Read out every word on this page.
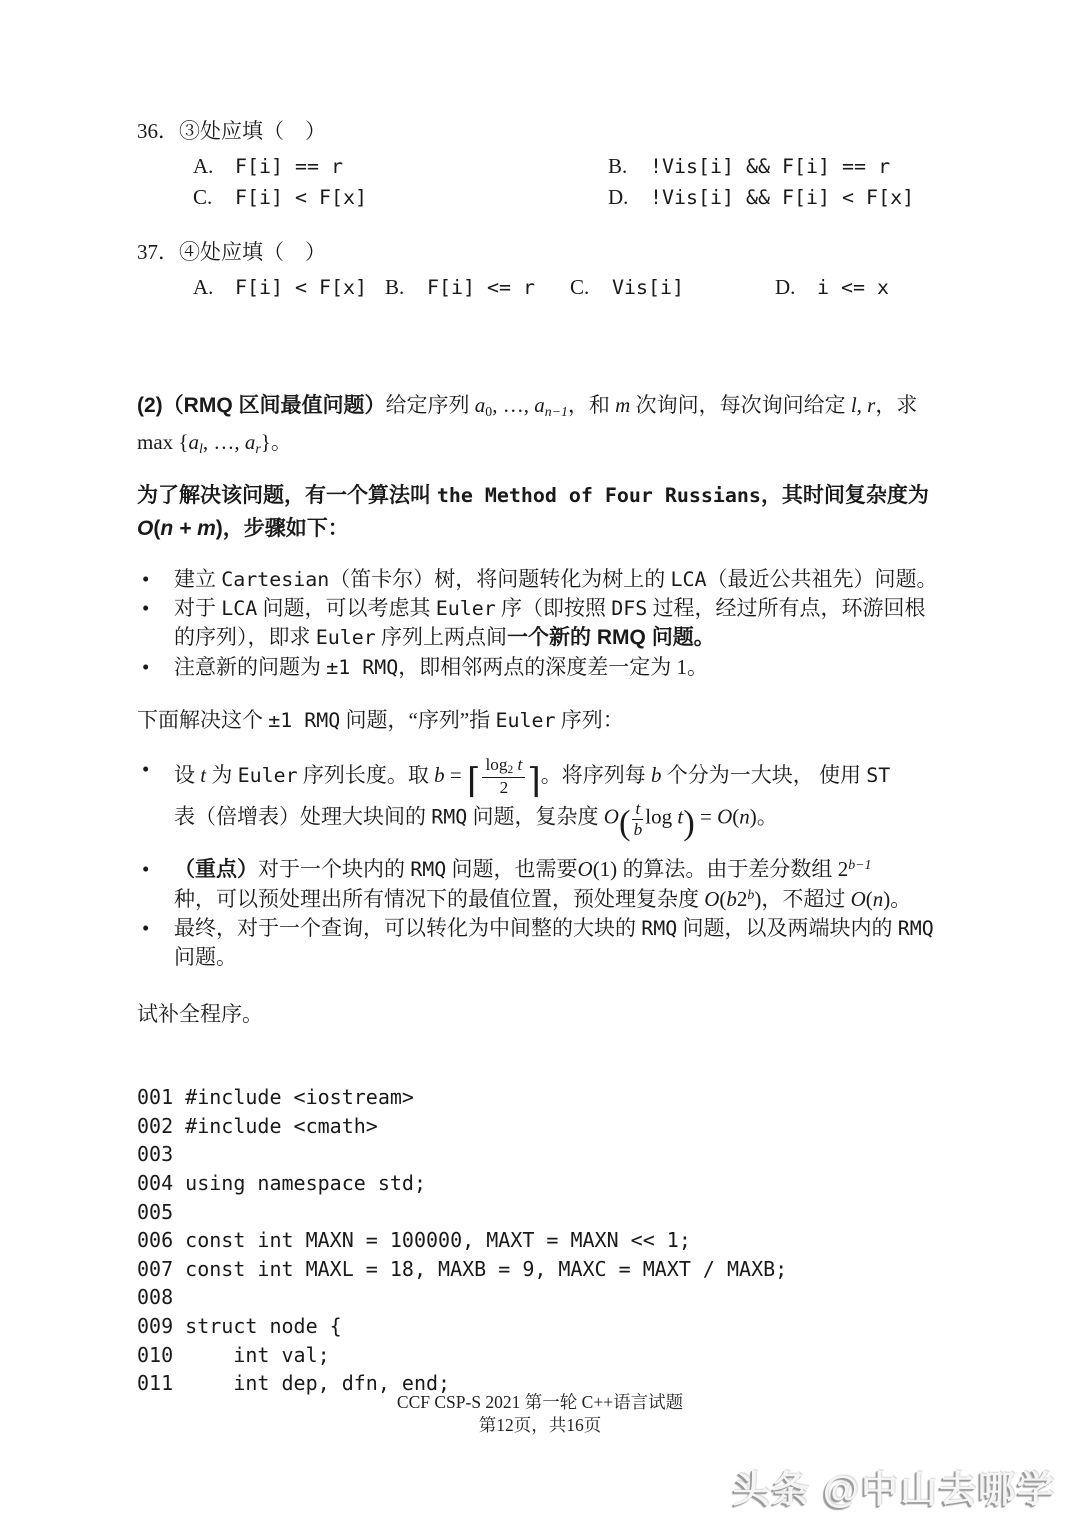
36．③处应填（　）
A. F[i] == r	B. !Vis[i] && F[i] == r
C. F[i] < F[x]	D. !Vis[i] && F[i] < F[x]
37．④处应填（　）
A. F[i] < F[x] B. F[i] <= r	C. Vis[i]	D. i <= x
(2)（RMQ 区间最值问题）给定序列 $a_0$, …, $a_{n-1}$，和 m 次询问，每次询问给定 l, r，求
$\max \{a_l$, …, $a_r$}。
为了解决该问题，有一个算法叫 the Method of Four Russians，其时间复杂度为
O(n + m)，步骤如下：
•	建立 Cartesian（笛卡尔）树，将问题转化为树上的 LCA（最近公共祖先）问题。
•	对于 LCA 问题，可以考虑其 Euler 序（即按照 DFS 过程，经过所有点，环游回根
的序列），即求 Euler 序列上两点间一个新的 RMQ 问题。
•	注意新的问题为 ±1 RMQ，即相邻两点的深度差一定为 1。
下面解决这个 ±1 RMQ 问题，“序列”指 Euler 序列：
•	设 t 为 Euler 序列长度。取 b = ⌈ $\frac{\log_2 t}{2}$ ⌉。将序列每 b 个分为一大块， 使用 ST
表（倍增表）处理大块间的 RMQ 问题，复杂度 $O( \frac{t}{b}$ log t) = O(n)。
•	（重点）对于一个块内的 RMQ 问题，也需要O(1) 的算法。由于差分数组 $2^{b-1}$
种，可以预处理出所有情况下的最值位置，预处理复杂度 O(b2$^b$)，不超过 O(n)。
•	最终，对于一个查询，可以转化为中间整的大块的 RMQ 问题，以及两端块内的 RMQ
问题。
试补全程序。
001 #include <iostream>
002 #include <cmath>
003
004 using namespace std;
005
006 const int MAXN = 100000, MAXT = MAXN << 1;
007 const int MAXL = 18, MAXB = 9, MAXC = MAXT / MAXB;
008
009 struct node {
010     int val;
011     int dep, dfn, end;
CCF CSP-S 2021 第一轮 C++语言试题
第12页，共16页
头条 @中山去哪学
